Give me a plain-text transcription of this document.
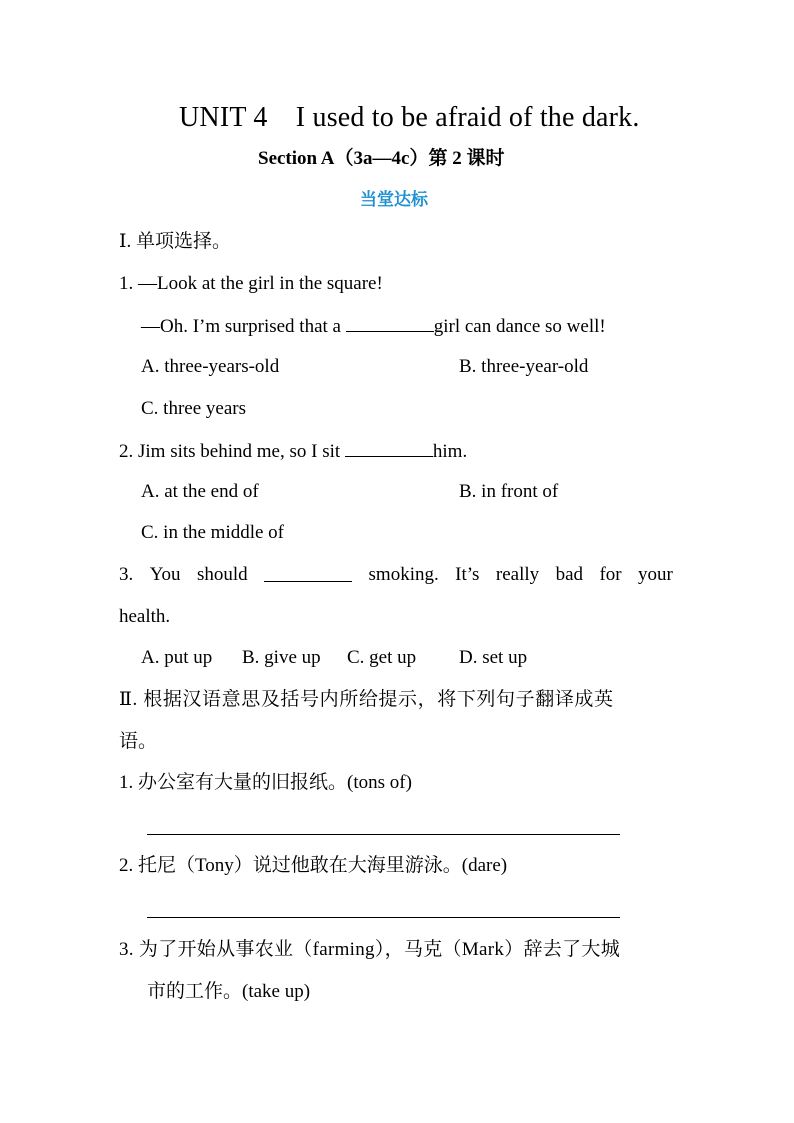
UNIT 4　I used to be afraid of the dark.
Section A（3a—4c）第 2 课时
当堂达标
Ⅰ. 单项选择。
1. —Look at the girl in the square!
—Oh. I’m surprised that a	girl can dance so well!
A. three-years-old	B. three-year-old
C. three years
2. Jim sits behind me, so I sit	him.
A. at the end of	B. in front of
C. in the middle of
3. You should	smoking. It’s really bad for your
health.
A. put up B. give up C. get up D. set up
Ⅱ. 根据汉语意思及括号内所给提示，将下列句子翻译成英
语。
1. 办公室有大量的旧报纸。(tons of)
2. 托尼（Tony）说过他敢在大海里游泳。(dare)
3. 为了开始从事农业（farming），马克（Mark）辞去了大城
市的工作。(take up)
